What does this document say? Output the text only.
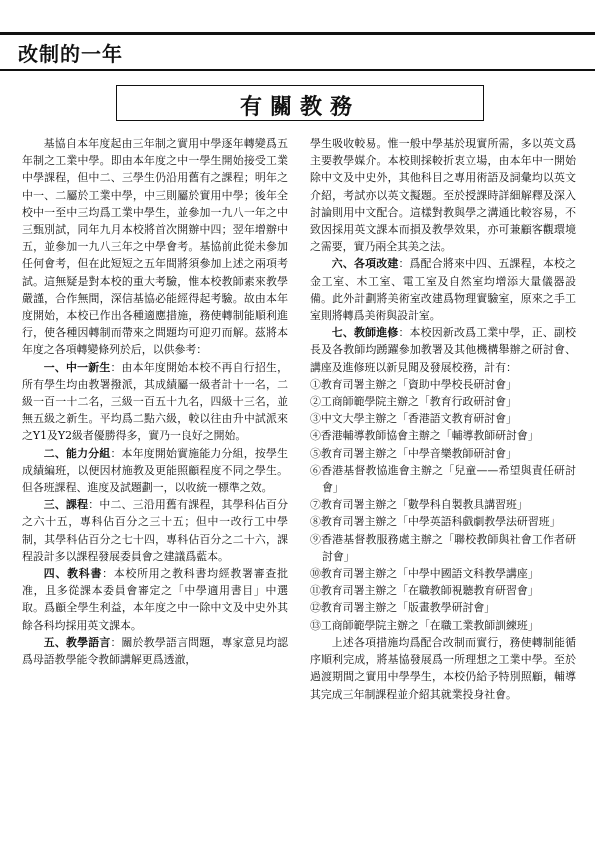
改制的一年
有關教務

基協自本年度起由三年制之實用中學逐年轉變爲五年制之工業中學。即由本年度之中一學生開始接受工業中學課程，但中二、三學生仍沿用舊有之課程；明年之中一、二屬於工業中學，中三則屬於實用中學；後年全校中一至中三均爲工業中學生，並參加一九八一年之中三甄別試，同年九月本校將首次開辦中四；翌年增辦中五，並參加一九八三年之中學會考。基協前此從未參加任何會考，但在此短短之五年間將須參加上述之兩項考試。這無疑是對本校的重大考驗，惟本校教師素來教學嚴謹，合作無間，深信基協必能經得起考驗。故由本年度開始，本校已作出各種適應措施，務使轉制能順利進行，使各種因轉制而帶來之問題均可迎刃而解。茲將本年度之各項轉變條列於后，以供參考：

一、中一新生：由本年度開始本校不再自行招生，所有學生均由教署撥派，其成績屬一級者計十一名，二級一百一十二名，三級一百五十九名，四級十三名，並無五級之新生。平均爲二點六級，較以往由升中試派來之Y1及Y2級者優勝得多，實乃一良好之開始。

二、能力分組：本年度開始實施能力分組，按學生成績編班，以便因材施教及更能照顧程度不同之學生。但各班課程、進度及試題劃一，以收統一標準之效。

三、課程：中二、三沿用舊有課程，其學科佔百分之六十五，專科佔百分之三十五；但中一改行工中學制，其學科佔百分之七十四，專科佔百分之二十六，課程設計多以課程發展委員會之建議爲藍本。

四、教科書：本校所用之教科書均經教署審查批准，且多從課本委員會審定之「中學適用書目」中選取。爲顧全學生利益，本年度之中一除中文及中史外其餘各科均採用英文課本。

五、教學語言：關於教學語言問題，專家意見均認爲母語教學能令教師講解更爲透澈，

學生吸收較易。惟一般中學基於現實所需，多以英文爲主要教學媒介。本校則採較折衷立場，由本年中一開始除中文及中史外，其他科目之專用術語及詞彙均以英文介紹，考試亦以英文擬題。至於授課時詳細解釋及深入討論則用中文配合。這樣對教與學之溝通比較容易，不致因採用英文課本而損及教學效果，亦可兼顧客觀環境之需要，實乃兩全其美之法。

六、各項改建：爲配合將來中四、五課程，本校之金工室、木工室、電工室及自然室均增添大量儀器設備。此外計劃將美術室改建爲物理實驗室，原來之手工室則將轉爲美術與設計室。

七、教師進修：本校因新改爲工業中學，正、副校長及各教師均踴躍參加教署及其他機構舉辦之研討會、講座及進修班以新見聞及發展校務，計有：

①教育司署主辦之「資助中學校長研討會」

②工商師範學院主辦之「教育行政研討會」

③中文大學主辦之「香港語文教育研討會」

④香港輔導教師協會主辦之「輔導教師研討會」

⑤教育司署主辦之「中學音樂教師研討會」

⑥香港基督教協進會主辦之「兒童——希望與責任研討會」

⑦教育司署主辦之「數學科自製教具講習班」

⑧教育司署主辦之「中學英語科戲劇教學法研習班」

⑨香港基督教服務處主辦之「聯校教師與社會工作者研討會」

⑩教育司署主辦之「中學中國語文科教學講座」

⑪教育司署主辦之「在職教師視聽教育研習會」

⑫教育司署主辦之「版畫教學研討會」

⑬工商師範學院主辦之「在職工業教師訓練班」

上述各項措施均爲配合改制而實行，務使轉制能循序順利完成，將基協發展爲一所理想之工業中學。至於過渡期間之實用中學學生，本校仍給予特別照顧，輔導其完成三年制課程並介紹其就業投身社會。
